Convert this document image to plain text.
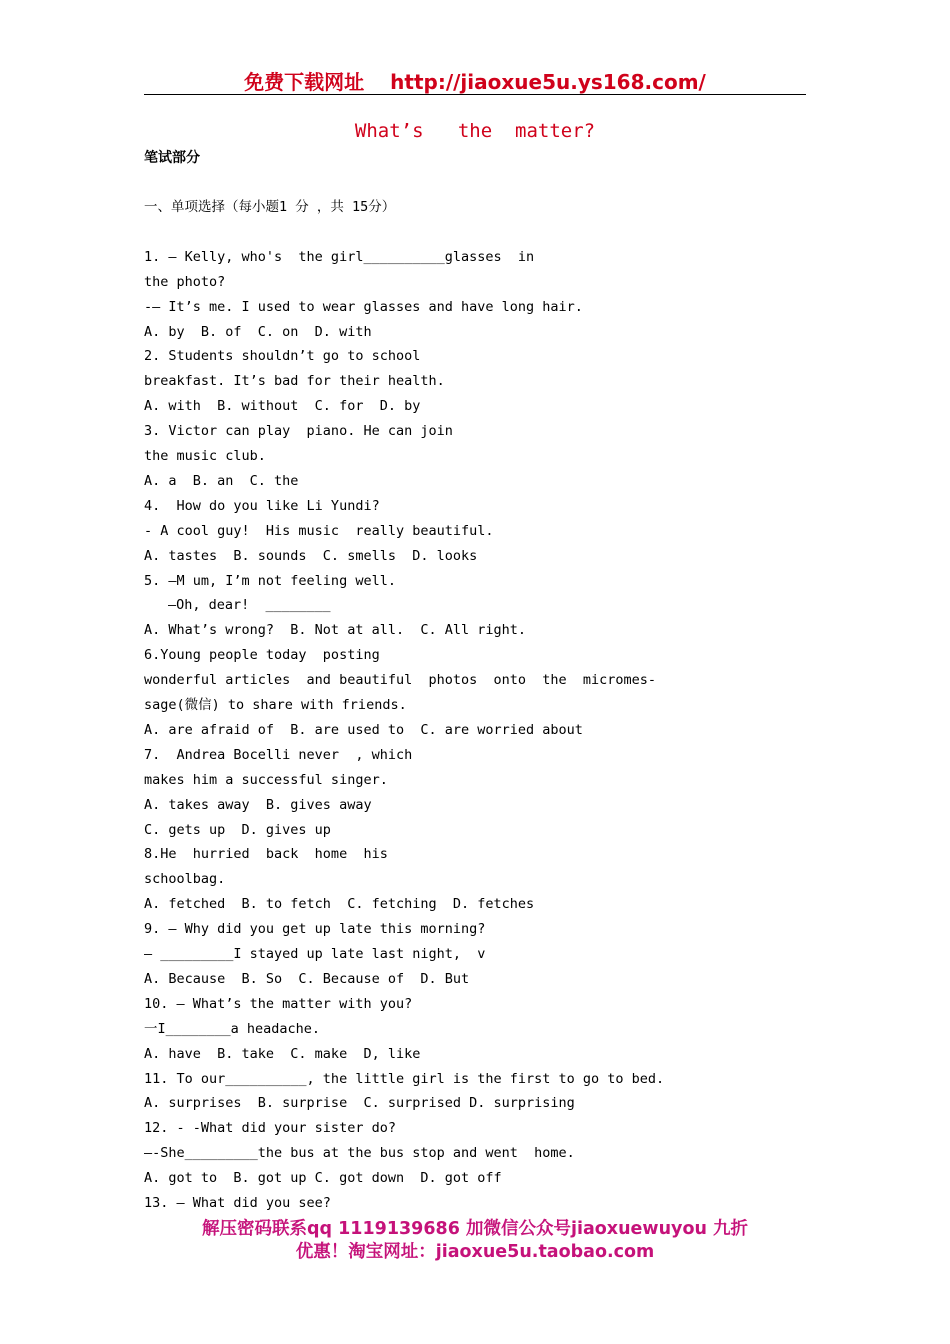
免费下载网址 http://jiaoxue5u.ys168.com/
What’s   the  matter?
笔试部分
一、单项选择（每小题1 分 ，共 15分）
1. — Kelly, who's  the girl__________glasses  in
the photo?
-— It’s me. I used to wear glasses and have long hair.
A. by  B. of  C. on  D. with
2. Students shouldn’t go to school
breakfast. It’s bad for their health.
A. with  B. without  C. for  D. by
3. Victor can play  piano. He can join
the music club.
A. a  B. an  C. the
4.  How do you like Li Yundi?
- A cool guy!  His music  really beautiful.
A. tastes  B. sounds  C. smells  D. looks
5. —M um, I’m not feeling well.
—Oh, dear!  ________
A. What’s wrong?  B. Not at all.  C. All right.
6.Young people today  posting
wonderful articles  and beautiful  photos  onto  the  micromes-
sage(微信) to share with friends.
A. are afraid of  B. are used to  C. are worried about
7.  Andrea Bocelli never  , which
makes him a successful singer.
A. takes away  B. gives away
C. gets up  D. gives up
8.He  hurried  back  home  his
schoolbag.
A. fetched  B. to fetch  C. fetching  D. fetches
9. — Why did you get up late this morning?
— _________I stayed up late last night,  v
A. Because  B. So  C. Because of  D. But
10. — What’s the matter with you?
一I________a headache.
A. have  B. take  C. make  D, like
11. To our__________, the little girl is the first to go to bed.
A. surprises  B. surprise  C. surprised D. surprising
12. - -What did your sister do?
—-She_________the bus at the bus stop and went  home.
A. got to  B. got up C. got down  D. got off
13. — What did you see?
解压密码联系qq 1119139686 加微信公众号jiaoxuewuyou 九折
优惠！淘宝网址：jiaoxue5u.taobao.com
